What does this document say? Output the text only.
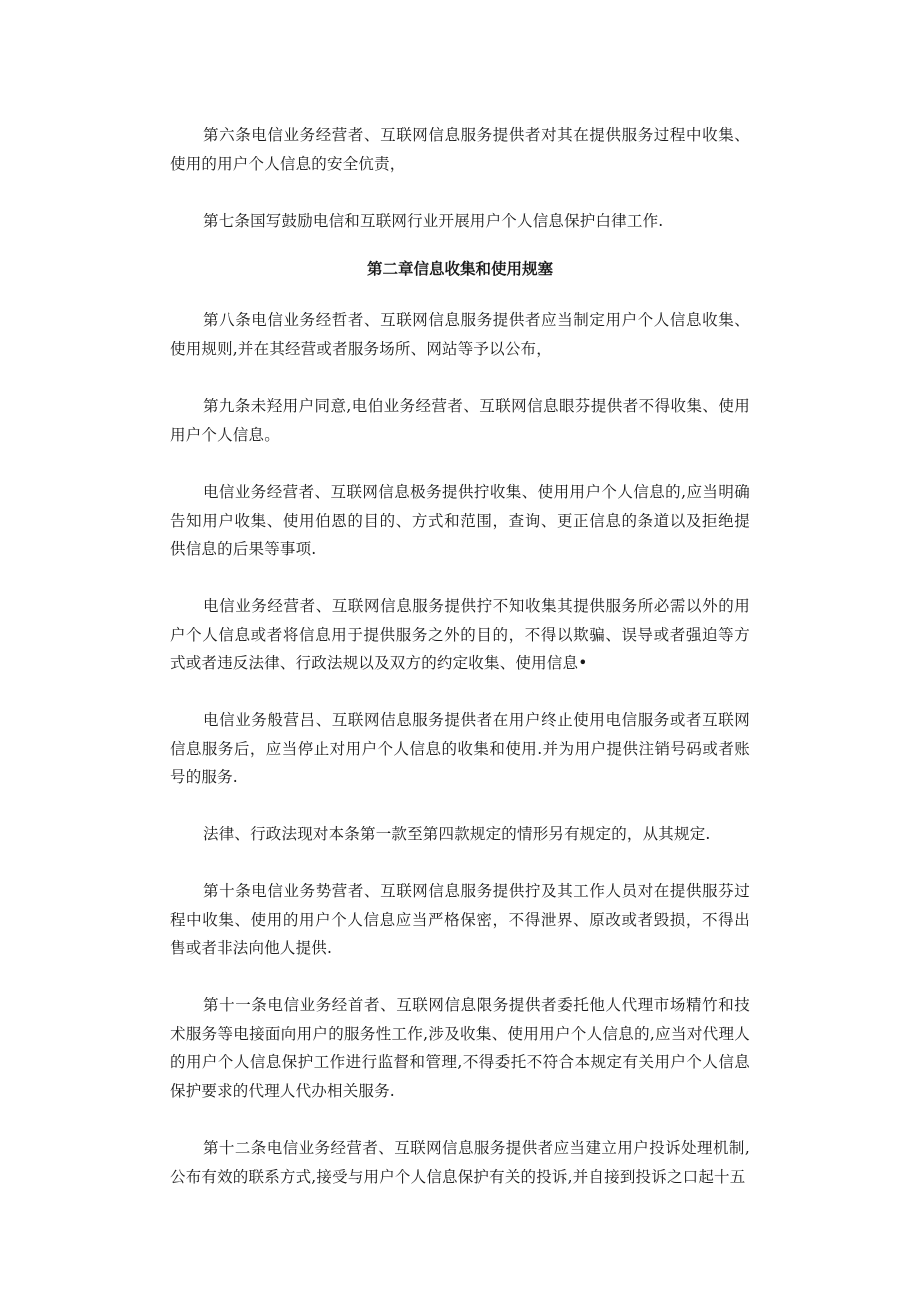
第六条电信业务经营者、互联网信息服务提供者对其在提供服务过程中收集、使用的用户个人信息的安全伉责，

第七条国写鼓励电信和互联网行业开展用户个人信息保护白律工作.

第二章信息收集和使用规塞

第八条电信业务经哲者、互联网信息服务提供者应当制定用户个人信息收集、使用规则,并在其经营或者服务场所、网站等予以公布，

第九条未羟用户同意,电伯业务经营者、互联网信息眼芬提供者不得收集、使用用户个人信息。

电信业务经营者、互联网信息极务提供拧收集、使用用户个人信息的,应当明确告知用户收集、使用伯恩的目的、方式和范围，查询、更正信息的条道以及拒绝提供信息的后果等事项.

电信业务经营者、互联网信息服务提供拧不知收集其提供服务所必需以外的用户个人信息或者将信息用于提供服务之外的目的，不得以欺骗、误导或者强迫等方式或者违反法律、行政法规以及双方的约定收集、使用信息•

电信业务般营吕、互联网佶息服务提供者在用户终止使用电信服务或者互联网信息服务后，应当停止对用户个人信息的收集和使用.并为用户提供注销号码或者账号的服务.

法律、行政法现对本条第一款至第四款规定的情形另有规定的，从其规定.

第十条电信业务势营者、互联网信息服务提供拧及其工作人员对在提供服芬过程中收集、使用的用户个人信息应当严格保密，不得泄界、原改或者毁损，不得出售或者非法向他人提供.

第十一条电信业务经首者、互联网信息限务提供者委托他人代理市场精竹和技术服务等电接面向用户的服务性工作,涉及收集、使用用户个人信息的,应当对代理人的用户个人信息保护工作进行监督和管理,不得委托不符合本规定有关用户个人信息保护要求的代理人代办相关服务.

第十二条电信业务经营者、互联网信息服务提供者应当建立用户投诉处理机制,公布有效的联系方式,接受与用户个人信息保护有关的投诉,并自接到投诉之口起十五
